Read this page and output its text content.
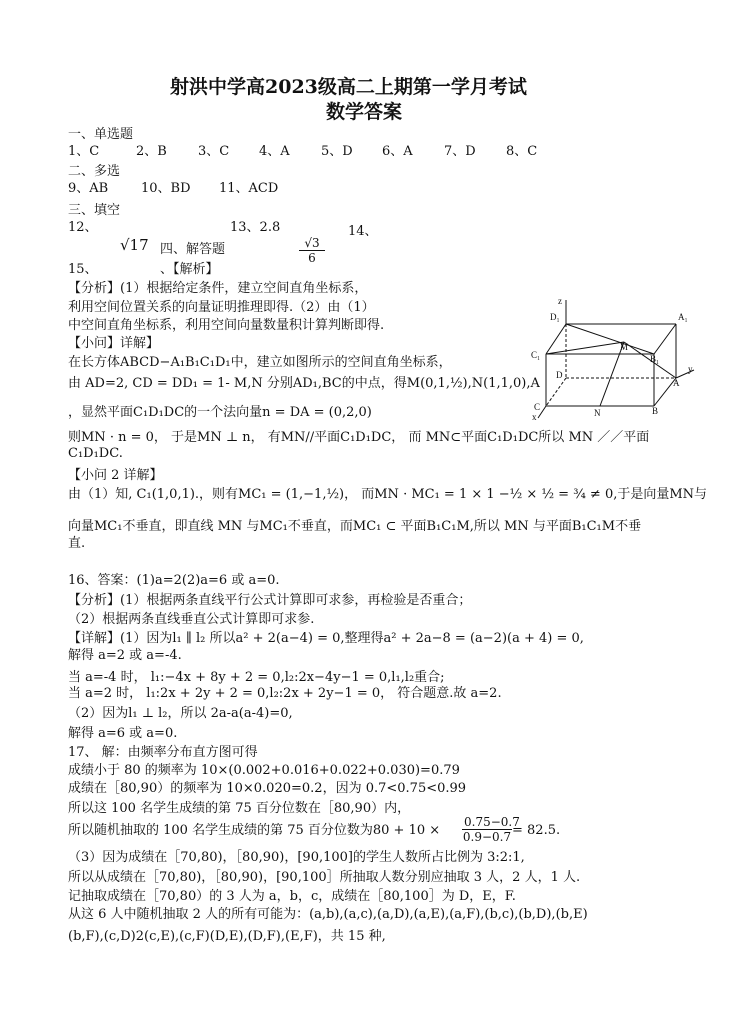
射洪中学高2023级高二上期第一学月考试
数学答案
一、单选题
1、C	2、B 3、C 4、A 5、D 6、A 7、D 8、C
二、多选
9、AB	10、BD 11、ACD
三、填空
12、	13、2.8	14、
√17 四、解答题	$\frac{√3}{6}$
15、	、【解析】
【分析】(1）根据给定条件，建立空间直角坐标系，
利用空间位置关系的向量证明推理即得.（2）由（1）
中空间直角坐标系，利用空间向量数量积计算判断即得.
【小问】详解】
在长方体ABCD−A₁B₁C₁D₁中，建立如图所示的空间直角坐标系，
由 AD=2, CD = DD₁ = 1- M,N 分别AD₁,BC的中点，得M(0,1,½),N(1,1,0),A
，显然平面C₁D₁DC的一个法向量n = DA = (0,2,0)
则MN · n = 0， 于是MN ⊥ n， 有MN//平面C₁D₁DC， 而 MN⊂平面C₁D₁DC所以 MN ／／平面
C₁D₁DC.
【小问 2 详解】
由（1）知, C₁(1,0,1).，则有MC₁ = (1,−1,½)， 而MN · MC₁ = 1 × 1 −½ × ½ = ¾ ≠ 0,于是向量MN与
向量MC₁不垂直，即直线 MN 与MC₁不垂直，而MC₁ ⊂ 平面B₁C₁M,所以 MN 与平面B₁C₁M不垂
直.
z
D₁	A₁
M
C₁	B₁
D
y
A
C
x	N	B
16、答案：(1)a=2(2)a=6 或 a=0.
【分析】(1）根据两条直线平行公式计算即可求参，再检验是否重合；
（2）根据两条直线垂直公式计算即可求参.
【详解】(1）因为l₁ ∥ l₂ 所以a² + 2(a−4) = 0,整理得a² + 2a−8 = (a−2)(a + 4) = 0,
解得 a=2 或 a=-4.
当 a=-4 时， l₁:−4x + 8y + 2 = 0,l₂:2x−4y−1 = 0,l₁,l₂重合;
当 a=2 时， l₁:2x + 2y + 2 = 0,l₂:2x + 2y−1 = 0， 符合题意.故 a=2.
（2）因为l₁ ⊥ l₂，所以 2a-a(a-4)=0,
解得 a=6 或 a=0.
17、 解：由频率分布直方图可得
成绩小于 80 的频率为 10×(0.002+0.016+0.022+0.030)=0.79
成绩在［80,90）的频率为 10×0.020=0.2，因为 0.7<0.75<0.99
所以这 100 名学生成绩的第 75 百分位数在［80,90）内，
所以随机抽取的 100 名学生成绩的第 75 百分位数为$80 + 10 \times \frac{0.75-0.7}{0.9-0.7} = 82.5$.
（3）因为成绩在［70,80)，［80,90)，[90,100]的学生人数所占比例为 3:2:1,
所以从成绩在［70,80)，［80,90)，[90,100］所抽取人数分别应抽取 3 人，2 人，1 人.
记抽取成绩在［70,80）的 3 人为 a，b，c，成绩在［80,100］为 D，E，F.
从这 6 人中随机抽取 2 人的所有可能为：(a,b),(a,c),(a,D),(a,E),(a,F),(b,c),(b,D),(b,E)
(b,F),(c,D)2(c,E),(c,F)(D,E),(D,F),(E,F)，共 15 种,
